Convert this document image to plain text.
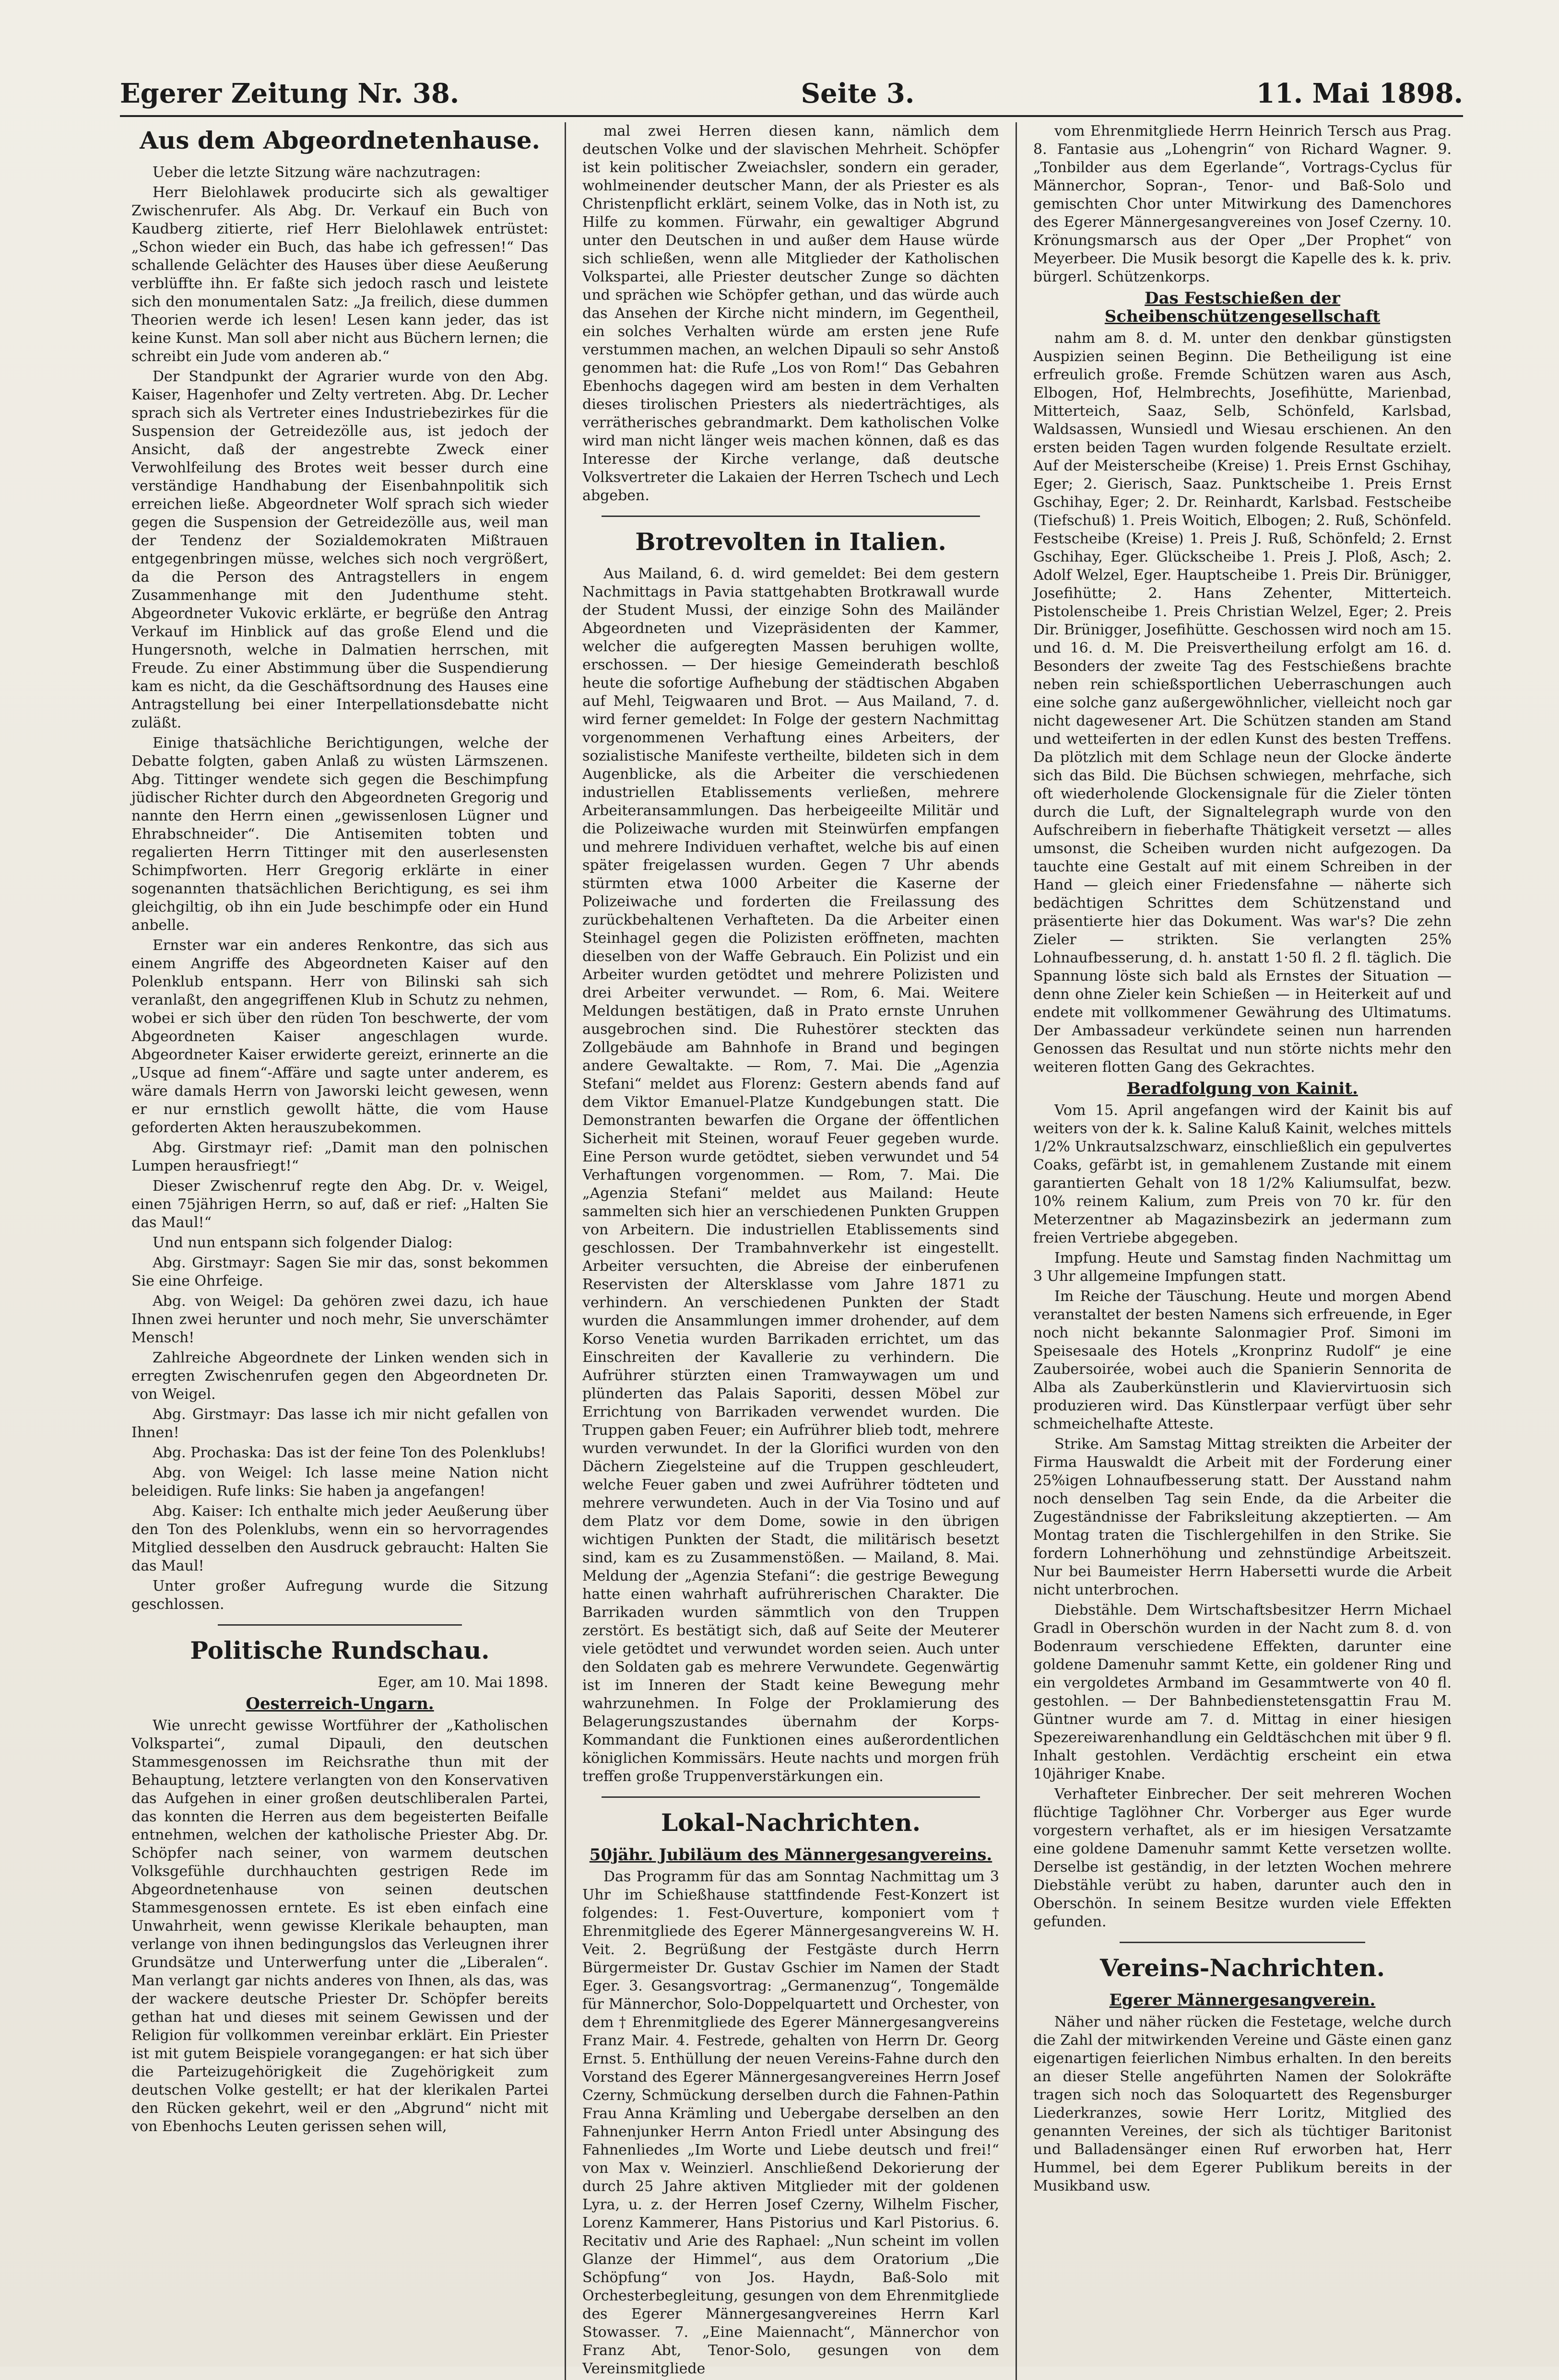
Egerer Zeitung Nr. 38.	Seite 3.	11. Mai 1898.
Aus dem Abgeordnetenhause.

Ueber die letzte Sitzung wäre nachzutragen:

Herr Bielohlawek producirte sich als gewaltiger Zwischenrufer. Als Abg. Dr. Verkauf ein Buch von Kaudberg zitierte, rief Herr Bielohlawek entrüstet: „Schon wieder ein Buch, das habe ich gefressen!“ Das schallende Gelächter des Hauses über diese Aeußerung verblüffte ihn. Er faßte sich jedoch rasch und leistete sich den monumentalen Satz: „Ja freilich, diese dummen Theorien werde ich lesen! Lesen kann jeder, das ist keine Kunst. Man soll aber nicht aus Büchern lernen; die schreibt ein Jude vom anderen ab.“

Der Standpunkt der Agrarier wurde von den Abg. Kaiser, Hagenhofer und Zelty vertreten. Abg. Dr. Lecher sprach sich als Vertreter eines Industriebezirkes für die Suspension der Getreidezölle aus, ist jedoch der Ansicht, daß der angestrebte Zweck einer Verwohlfeilung des Brotes weit besser durch eine verständige Handhabung der Eisenbahnpolitik sich erreichen ließe. Abgeordneter Wolf sprach sich wieder gegen die Suspension der Getreidezölle aus, weil man der Tendenz der Sozialdemokraten Mißtrauen entgegenbringen müsse, welches sich noch vergrößert, da die Person des Antragstellers in engem Zusammenhange mit den Judenthume steht. Abgeordneter Vukovic erklärte, er begrüße den Antrag Verkauf im Hinblick auf das große Elend und die Hungersnoth, welche in Dalmatien herrschen, mit Freude. Zu einer Abstimmung über die Suspendierung kam es nicht, da die Geschäftsordnung des Hauses eine Antragstellung bei einer Interpellationsdebatte nicht zuläßt.

Einige thatsächliche Berichtigungen, welche der Debatte folgten, gaben Anlaß zu wüsten Lärmszenen. Abg. Tittinger wendete sich gegen die Beschimpfung jüdischer Richter durch den Abgeordneten Gregorig und nannte den Herrn einen „gewissenlosen Lügner und Ehrabschneider“. Die Antisemiten tobten und regalierten Herrn Tittinger mit den auserlesensten Schimpfworten. Herr Gregorig erklärte in einer sogenannten thatsächlichen Berichtigung, es sei ihm gleichgiltig, ob ihn ein Jude beschimpfe oder ein Hund anbelle.

Ernster war ein anderes Renkontre, das sich aus einem Angriffe des Abgeordneten Kaiser auf den Polenklub entspann. Herr von Bilinski sah sich veranlaßt, den angegriffenen Klub in Schutz zu nehmen, wobei er sich über den rüden Ton beschwerte, der vom Abgeordneten Kaiser angeschlagen wurde. Abgeordneter Kaiser erwiderte gereizt, erinnerte an die „Usque ad finem“-Affäre und sagte unter anderem, es wäre damals Herrn von Jaworski leicht gewesen, wenn er nur ernstlich gewollt hätte, die vom Hause geforderten Akten herauszubekommen.

Abg. Girstmayr rief: „Damit man den polnischen Lumpen herausfriegt!“

Dieser Zwischenruf regte den Abg. Dr. v. Weigel, einen 75jährigen Herrn, so auf, daß er rief: „Halten Sie das Maul!“

Und nun entspann sich folgender Dialog:

Abg. Girstmayr: Sagen Sie mir das, sonst bekommen Sie eine Ohrfeige.

Abg. von Weigel: Da gehören zwei dazu, ich haue Ihnen zwei herunter und noch mehr, Sie unverschämter Mensch!

Zahlreiche Abgeordnete der Linken wenden sich in erregten Zwischenrufen gegen den Abgeordneten Dr. von Weigel.

Abg. Girstmayr: Das lasse ich mir nicht gefallen von Ihnen!

Abg. Prochaska: Das ist der feine Ton des Polenklubs!

Abg. von Weigel: Ich lasse meine Nation nicht beleidigen. Rufe links: Sie haben ja angefangen!

Abg. Kaiser: Ich enthalte mich jeder Aeußerung über den Ton des Polenklubs, wenn ein so hervorragendes Mitglied desselben den Ausdruck gebraucht: Halten Sie das Maul!

Unter großer Aufregung wurde die Sitzung geschlossen.

Politische Rundschau.
Eger, am 10. Mai 1898.
Oesterreich-Ungarn.

Wie unrecht gewisse Wortführer der „Katholischen Volkspartei“, zumal Dipauli, den deutschen Stammesgenossen im Reichsrathe thun mit der Behauptung, letztere verlangten von den Konservativen das Aufgehen in einer großen deutschliberalen Partei, das konnten die Herren aus dem begeisterten Beifalle entnehmen, welchen der katholische Priester Abg. Dr. Schöpfer nach seiner, von warmem deutschen Volksgefühle durchhauchten gestrigen Rede im Abgeordnetenhause von seinen deutschen Stammesgenossen erntete. Es ist eben einfach eine Unwahrheit, wenn gewisse Klerikale behaupten, man verlange von ihnen bedingungslos das Verleugnen ihrer Grundsätze und Unterwerfung unter die „Liberalen“. Man verlangt gar nichts anderes von Ihnen, als das, was der wackere deutsche Priester Dr. Schöpfer bereits gethan hat und dieses mit seinem Gewissen und der Religion für vollkommen vereinbar erklärt. Ein Priester ist mit gutem Beispiele vorangegangen: er hat sich über die Parteizugehörigkeit die Zugehörigkeit zum deutschen Volke gestellt; er hat der klerikalen Partei den Rücken gekehrt, weil er den „Abgrund“ nicht mit von Ebenhochs Leuten gerissen sehen will,

mal zwei Herren diesen kann, nämlich dem deutschen Volke und der slavischen Mehrheit. Schöpfer ist kein politischer Zweiachsler, sondern ein gerader, wohlmeinender deutscher Mann, der als Priester es als Christenpflicht erklärt, seinem Volke, das in Noth ist, zu Hilfe zu kommen. Fürwahr, ein gewaltiger Abgrund unter den Deutschen in und außer dem Hause würde sich schließen, wenn alle Mitglieder der Katholischen Volkspartei, alle Priester deutscher Zunge so dächten und sprächen wie Schöpfer gethan, und das würde auch das Ansehen der Kirche nicht mindern, im Gegentheil, ein solches Verhalten würde am ersten jene Rufe verstummen machen, an welchen Dipauli so sehr Anstoß genommen hat: die Rufe „Los von Rom!“ Das Gebahren Ebenhochs dagegen wird am besten in dem Verhalten dieses tirolischen Priesters als niederträchtiges, als verrätherisches gebrandmarkt. Dem katholischen Volke wird man nicht länger weis machen können, daß es das Interesse der Kirche verlange, daß deutsche Volksvertreter die Lakaien der Herren Tschech und Lech abgeben.

Brotrevolten in Italien.

Aus Mailand, 6. d. wird gemeldet: Bei dem gestern Nachmittags in Pavia stattgehabten Brotkrawall wurde der Student Mussi, der einzige Sohn des Mailänder Abgeordneten und Vizepräsidenten der Kammer, welcher die aufgeregten Massen beruhigen wollte, erschossen. — Der hiesige Gemeinderath beschloß heute die sofortige Aufhebung der städtischen Abgaben auf Mehl, Teigwaaren und Brot. — Aus Mailand, 7. d. wird ferner gemeldet: In Folge der gestern Nachmittag vorgenommenen Verhaftung eines Arbeiters, der sozialistische Manifeste vertheilte, bildeten sich in dem Augenblicke, als die Arbeiter die verschiedenen industriellen Etablissements verließen, mehrere Arbeiteransammlungen. Das herbeigeeilte Militär und die Polizeiwache wurden mit Steinwürfen empfangen und mehrere Individuen verhaftet, welche bis auf einen später freigelassen wurden. Gegen 7 Uhr abends stürmten etwa 1000 Arbeiter die Kaserne der Polizeiwache und forderten die Freilassung des zurückbehaltenen Verhafteten. Da die Arbeiter einen Steinhagel gegen die Polizisten eröffneten, machten dieselben von der Waffe Gebrauch. Ein Polizist und ein Arbeiter wurden getödtet und mehrere Polizisten und drei Arbeiter verwundet. — Rom, 6. Mai. Weitere Meldungen bestätigen, daß in Prato ernste Unruhen ausgebrochen sind. Die Ruhestörer steckten das Zollgebäude am Bahnhofe in Brand und begingen andere Gewaltakte. — Rom, 7. Mai. Die „Agenzia Stefani“ meldet aus Florenz: Gestern abends fand auf dem Viktor Emanuel-Platze Kundgebungen statt. Die Demonstranten bewarfen die Organe der öffentlichen Sicherheit mit Steinen, worauf Feuer gegeben wurde. Eine Person wurde getödtet, sieben verwundet und 54 Verhaftungen vorgenommen. — Rom, 7. Mai. Die „Agenzia Stefani“ meldet aus Mailand: Heute sammelten sich hier an verschiedenen Punkten Gruppen von Arbeitern. Die industriellen Etablissements sind geschlossen. Der Trambahnverkehr ist eingestellt. Arbeiter versuchten, die Abreise der einberufenen Reservisten der Altersklasse vom Jahre 1871 zu verhindern. An verschiedenen Punkten der Stadt wurden die Ansammlungen immer drohender, auf dem Korso Venetia wurden Barrikaden errichtet, um das Einschreiten der Kavallerie zu verhindern. Die Aufrührer stürzten einen Tramwaywagen um und plünderten das Palais Saporiti, dessen Möbel zur Errichtung von Barrikaden verwendet wurden. Die Truppen gaben Feuer; ein Aufrührer blieb todt, mehrere wurden verwundet. In der la Glorifici wurden von den Dächern Ziegelsteine auf die Truppen geschleudert, welche Feuer gaben und zwei Aufrührer tödteten und mehrere verwundeten. Auch in der Via Tosino und auf dem Platz vor dem Dome, sowie in den übrigen wichtigen Punkten der Stadt, die militärisch besetzt sind, kam es zu Zusammenstößen. — Mailand, 8. Mai. Meldung der „Agenzia Stefani“: die gestrige Bewegung hatte einen wahrhaft aufrührerischen Charakter. Die Barrikaden wurden sämmtlich von den Truppen zerstört. Es bestätigt sich, daß auf Seite der Meuterer viele getödtet und verwundet worden seien. Auch unter den Soldaten gab es mehrere Verwundete. Gegenwärtig ist im Inneren der Stadt keine Bewegung mehr wahrzunehmen. In Folge der Proklamierung des Belagerungszustandes übernahm der Korps-Kommandant die Funktionen eines außerordentlichen königlichen Kommissärs. Heute nachts und morgen früh treffen große Truppenverstärkungen ein.

Lokal-Nachrichten.
50jähr. Jubiläum des Männergesangvereins.

Das Programm für das am Sonntag Nachmittag um 3 Uhr im Schießhause stattfindende Fest-Konzert ist folgendes: 1. Fest-Ouverture, komponiert vom † Ehrenmitgliede des Egerer Männergesangvereins W. H. Veit. 2. Begrüßung der Festgäste durch Herrn Bürgermeister Dr. Gustav Gschier im Namen der Stadt Eger. 3. Gesangsvortrag: „Germanenzug“, Tongemälde für Männerchor, Solo-Doppelquartett und Orchester, von dem † Ehrenmitgliede des Egerer Männergesangvereins Franz Mair. 4. Festrede, gehalten von Herrn Dr. Georg Ernst. 5. Enthüllung der neuen Vereins-Fahne durch den Vorstand des Egerer Männergesangvereines Herrn Josef Czerny, Schmückung derselben durch die Fahnen-Pathin Frau Anna Krämling und Uebergabe derselben an den Fahnenjunker Herrn Anton Friedl unter Absingung des Fahnenliedes „Im Worte und Liebe deutsch und frei!“ von Max v. Weinzierl. Anschließend Dekorierung der durch 25 Jahre aktiven Mitglieder mit der goldenen Lyra, u. z. der Herren Josef Czerny, Wilhelm Fischer, Lorenz Kammerer, Hans Pistorius und Karl Pistorius. 6. Recitativ und Arie des Raphael: „Nun scheint im vollen Glanze der Himmel“, aus dem Oratorium „Die Schöpfung“ von Jos. Haydn, Baß-Solo mit Orchesterbegleitung, gesungen von dem Ehrenmitgliede des Egerer Männergesangvereines Herrn Karl Stowasser. 7. „Eine Maiennacht“, Männerchor von Franz Abt, Tenor-Solo, gesungen von dem Vereinsmitgliede

vom Ehrenmitgliede Herrn Heinrich Tersch aus Prag. 8. Fantasie aus „Lohengrin“ von Richard Wagner. 9. „Tonbilder aus dem Egerlande“, Vortrags-Cyclus für Männerchor, Sopran-, Tenor- und Baß-Solo und gemischten Chor unter Mitwirkung des Damenchores des Egerer Männergesangvereines von Josef Czerny. 10. Krönungsmarsch aus der Oper „Der Prophet“ von Meyerbeer. Die Musik besorgt die Kapelle des k. k. priv. bürgerl. Schützenkorps.

Das Festschießen der Scheibenschützengesellschaft

nahm am 8. d. M. unter den denkbar günstigsten Auspizien seinen Beginn. Die Betheiligung ist eine erfreulich große. Fremde Schützen waren aus Asch, Elbogen, Hof, Helmbrechts, Josefihütte, Marienbad, Mitterteich, Saaz, Selb, Schönfeld, Karlsbad, Waldsassen, Wunsiedl und Wiesau erschienen. An den ersten beiden Tagen wurden folgende Resultate erzielt. Auf der Meisterscheibe (Kreise) 1. Preis Ernst Gschihay, Eger; 2. Gierisch, Saaz. Punktscheibe 1. Preis Ernst Gschihay, Eger; 2. Dr. Reinhardt, Karlsbad. Festscheibe (Tiefschuß) 1. Preis Woitich, Elbogen; 2. Ruß, Schönfeld. Festscheibe (Kreise) 1. Preis J. Ruß, Schönfeld; 2. Ernst Gschihay, Eger. Glückscheibe 1. Preis J. Ploß, Asch; 2. Adolf Welzel, Eger. Hauptscheibe 1. Preis Dir. Brünigger, Josefihütte; 2. Hans Zehenter, Mitterteich. Pistolenscheibe 1. Preis Christian Welzel, Eger; 2. Preis Dir. Brünigger, Josefihütte. Geschossen wird noch am 15. und 16. d. M. Die Preisvertheilung erfolgt am 16. d. Besonders der zweite Tag des Festschießens brachte neben rein schießsportlichen Ueberraschungen auch eine solche ganz außergewöhnlicher, vielleicht noch gar nicht dagewesener Art. Die Schützen standen am Stand und wetteiferten in der edlen Kunst des besten Treffens. Da plötzlich mit dem Schlage neun der Glocke änderte sich das Bild. Die Büchsen schwiegen, mehrfache, sich oft wiederholende Glockensignale für die Zieler tönten durch die Luft, der Signaltelegraph wurde von den Aufschreibern in fieberhafte Thätigkeit versetzt — alles umsonst, die Scheiben wurden nicht aufgezogen. Da tauchte eine Gestalt auf mit einem Schreiben in der Hand — gleich einer Friedensfahne — näherte sich bedächtigen Schrittes dem Schützenstand und präsentierte hier das Dokument. Was war's? Die zehn Zieler — strikten. Sie verlangten 25% Lohnaufbesserung, d. h. anstatt 1·50 fl. 2 fl. täglich. Die Spannung löste sich bald als Ernstes der Situation — denn ohne Zieler kein Schießen — in Heiterkeit auf und endete mit vollkommener Gewährung des Ultimatums. Der Ambassadeur verkündete seinen nun harrenden Genossen das Resultat und nun störte nichts mehr den weiteren flotten Gang des Gekrachtes.

Beradfolgung von Kainit.

Vom 15. April angefangen wird der Kainit bis auf weiters von der k. k. Saline Kaluß Kainit, welches mittels 1/2% Unkrautsalzschwarz, einschließlich ein gepulvertes Coaks, gefärbt ist, in gemahlenem Zustande mit einem garantierten Gehalt von 18 1/2% Kaliumsulfat, bezw. 10% reinem Kalium, zum Preis von 70 kr. für den Meterzentner ab Magazinsbezirk an jedermann zum freien Vertriebe abgegeben.

Impfung. Heute und Samstag finden Nachmittag um 3 Uhr allgemeine Impfungen statt.

Im Reiche der Täuschung. Heute und morgen Abend veranstaltet der besten Namens sich erfreuende, in Eger noch nicht bekannte Salonmagier Prof. Simoni im Speisesaale des Hotels „Kronprinz Rudolf“ je eine Zaubersoirée, wobei auch die Spanierin Sennorita de Alba als Zauberkünstlerin und Klaviervirtuosin sich produzieren wird. Das Künstlerpaar verfügt über sehr schmeichelhafte Atteste.

Strike. Am Samstag Mittag streikten die Arbeiter der Firma Hauswaldt die Arbeit mit der Forderung einer 25%igen Lohnaufbesserung statt. Der Ausstand nahm noch denselben Tag sein Ende, da die Arbeiter die Zugeständnisse der Fabriksleitung akzeptierten. — Am Montag traten die Tischlergehilfen in den Strike. Sie fordern Lohnerhöhung und zehnstündige Arbeitszeit. Nur bei Baumeister Herrn Habersetti wurde die Arbeit nicht unterbrochen.

Diebstähle. Dem Wirtschaftsbesitzer Herrn Michael Gradl in Oberschön wurden in der Nacht zum 8. d. von Bodenraum verschiedene Effekten, darunter eine goldene Damenuhr sammt Kette, ein goldener Ring und ein vergoldetes Armband im Gesammtwerte von 40 fl. gestohlen. — Der Bahnbedienstetensgattin Frau M. Güntner wurde am 7. d. Mittag in einer hiesigen Spezereiwarenhandlung ein Geldtäschchen mit über 9 fl. Inhalt gestohlen. Verdächtig erscheint ein etwa 10jähriger Knabe.

Verhafteter Einbrecher. Der seit mehreren Wochen flüchtige Taglöhner Chr. Vorberger aus Eger wurde vorgestern verhaftet, als er im hiesigen Versatzamte eine goldene Damenuhr sammt Kette versetzen wollte. Derselbe ist geständig, in der letzten Wochen mehrere Diebstähle verübt zu haben, darunter auch den in Oberschön. In seinem Besitze wurden viele Effekten gefunden.

Vereins-Nachrichten.
Egerer Männergesangverein.

Näher und näher rücken die Festetage, welche durch die Zahl der mitwirkenden Vereine und Gäste einen ganz eigenartigen feierlichen Nimbus erhalten. In den bereits an dieser Stelle angeführten Namen der Solokräfte tragen sich noch das Soloquartett des Regensburger Liederkranzes, sowie Herr Loritz, Mitglied des genannten Vereines, der sich als tüchtiger Baritonist und Balladensänger einen Ruf erworben hat, Herr Hummel, bei dem Egerer Publikum bereits in der Musikband usw.
